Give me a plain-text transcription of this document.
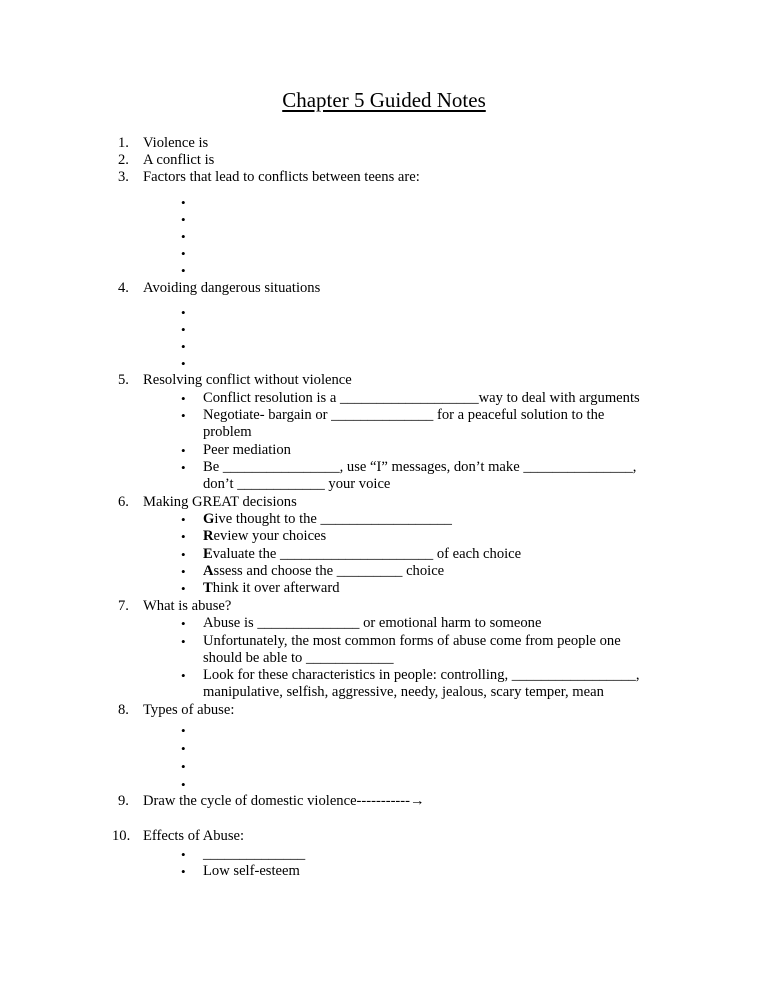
Chapter 5 Guided Notes
1. Violence is
2. A conflict is
3. Factors that lead to conflicts between teens are:
•
•
•
•
•
4. Avoiding dangerous situations
•
•
•
•
5. Resolving conflict without violence
• Conflict resolution is a ___________________way to deal with arguments
• Negotiate- bargain or ______________ for a peaceful solution to the
problem
• Peer mediation
• Be ________________, use “I” messages, don’t make _______________,
don’t ____________ your voice
6. Making GREAT decisions
• Give thought to the __________________
• Review your choices
• Evaluate the _____________________ of each choice
• Assess and choose the _________ choice
• Think it over afterward
7. What is abuse?
• Abuse is ______________ or emotional harm to someone
• Unfortunately, the most common forms of abuse come from people one
should be able to ____________
• Look for these characteristics in people: controlling, _________________,
manipulative, selfish, aggressive, needy, jealous, scary temper, mean
8. Types of abuse:
•
•
•
•
9. Draw the cycle of domestic violence-----------→
10. Effects of Abuse:
• ______________
• Low self-esteem
